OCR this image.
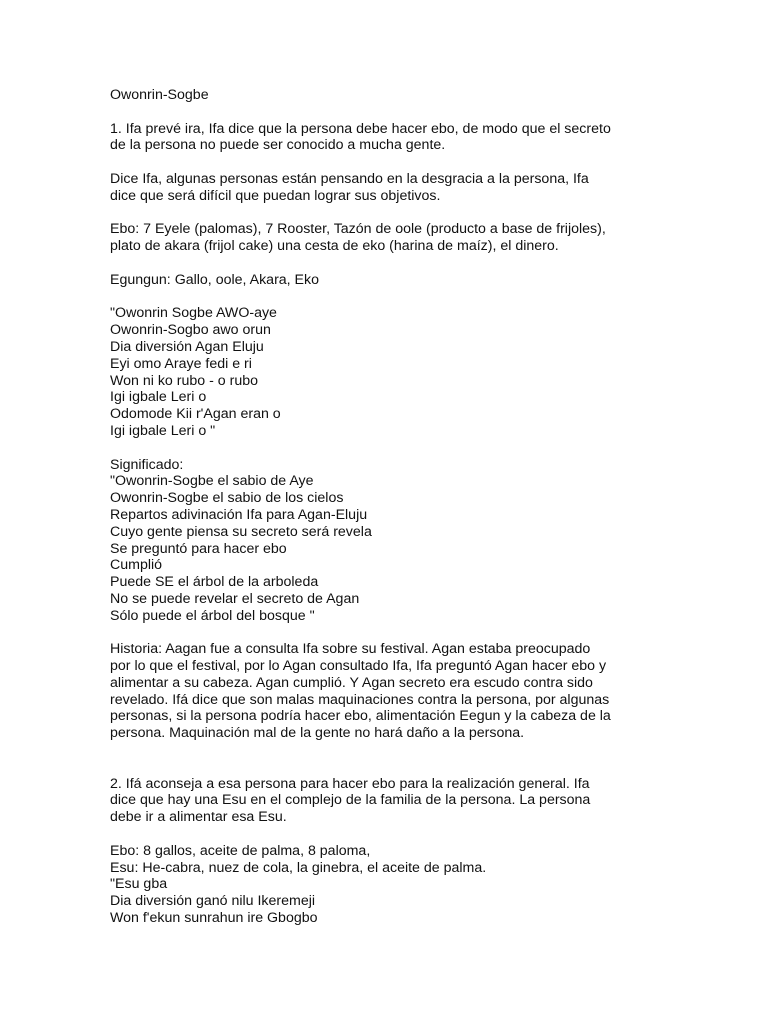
Owonrin-Sogbe

1. Ifa prevé ira, Ifa dice que la persona debe hacer ebo, de modo que el secreto
de la persona no puede ser conocido a mucha gente.

Dice Ifa, algunas personas están pensando en la desgracia a la persona, Ifa
dice que será difícil que puedan lograr sus objetivos.

Ebo: 7 Eyele (palomas), 7 Rooster, Tazón de oole (producto a base de frijoles),
plato de akara (frijol cake) una cesta de eko (harina de maíz), el dinero.

Egungun: Gallo, oole, Akara, Eko

"Owonrin Sogbe AWO-aye
Owonrin-Sogbo awo orun
Dia diversión Agan Eluju
Eyi omo Araye fedi e ri
Won ni ko rubo - o rubo
Igi igbale Leri o
Odomode Kii r'Agan eran o
Igi igbale Leri o "

Significado:
"Owonrin-Sogbe el sabio de Aye
Owonrin-Sogbe el sabio de los cielos
Repartos adivinación Ifa para Agan-Eluju
Cuyo gente piensa su secreto será revela
Se preguntó para hacer ebo
Cumplió
Puede SE el árbol de la arboleda
No se puede revelar el secreto de Agan
Sólo puede el árbol del bosque "

Historia: Aagan fue a consulta Ifa sobre su festival. Agan estaba preocupado
por lo que el festival, por lo Agan consultado Ifa, Ifa preguntó Agan hacer ebo y
alimentar a su cabeza. Agan cumplió. Y Agan secreto era escudo contra sido
revelado. Ifá dice que son malas maquinaciones contra la persona, por algunas
personas, si la persona podría hacer ebo, alimentación Eegun y la cabeza de la
persona. Maquinación mal de la gente no hará daño a la persona.

2. Ifá aconseja a esa persona para hacer ebo para la realización general. Ifa
dice que hay una Esu en el complejo de la familia de la persona. La persona
debe ir a alimentar esa Esu.

Ebo: 8 gallos, aceite de palma, 8 paloma,
Esu: He-cabra, nuez de cola, la ginebra, el aceite de palma.
"Esu gba
Dia diversión ganó nilu Ikeremeji
Won f'ekun sunrahun ire Gbogbo
